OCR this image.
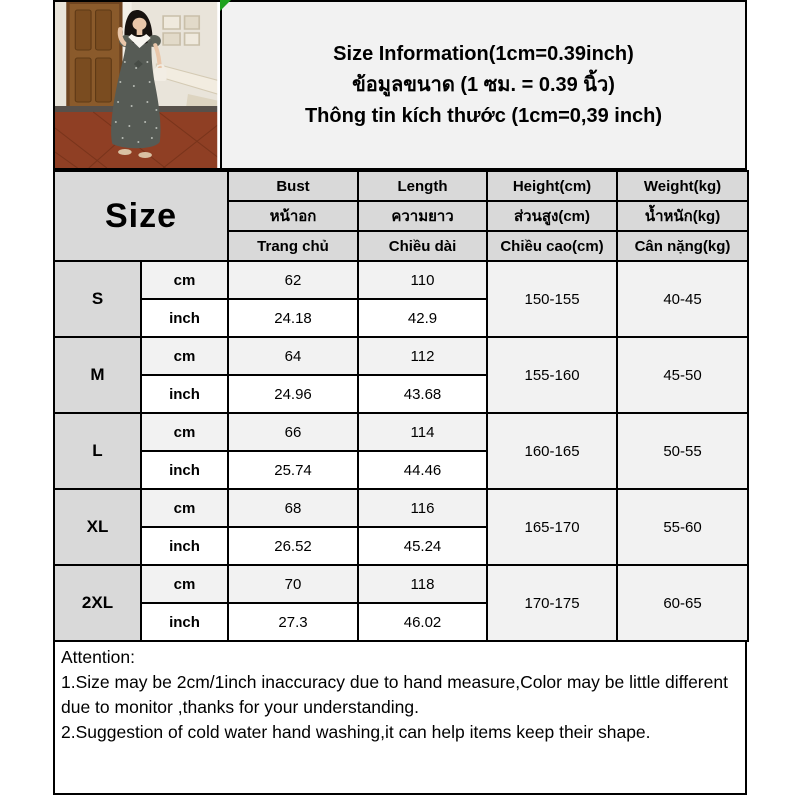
Size Information(1cm=0.39inch)
ข้อมูลขนาด (1 ซม. = 0.39 นิ้ว)
Thông tin kích thước (1cm=0,39 inch)
Size		Bust	Length	Height(cm)	Weight(kg)
		หน้าอก	ความยาว	ส่วนสูง(cm)	น้ำหนัก(kg)
		Trang chủ	Chiều dài	Chiều cao(cm)	Cân nặng(kg)
S	cm	62	110	150-155	40-45
	inch	24.18	42.9		
M	cm	64	112	155-160	45-50
	inch	24.96	43.68		
L	cm	66	114	160-165	50-55
	inch	25.74	44.46		
XL	cm	68	116	165-170	55-60
	inch	26.52	45.24		
2XL	cm	70	118	170-175	60-65
	inch	27.3	46.02		
Attention:
1.Size may be 2cm/1inch inaccuracy due to hand measure,Color may be little different due to monitor ,thanks for your understanding.
2.Suggestion of cold water hand washing,it can help items keep their shape.
